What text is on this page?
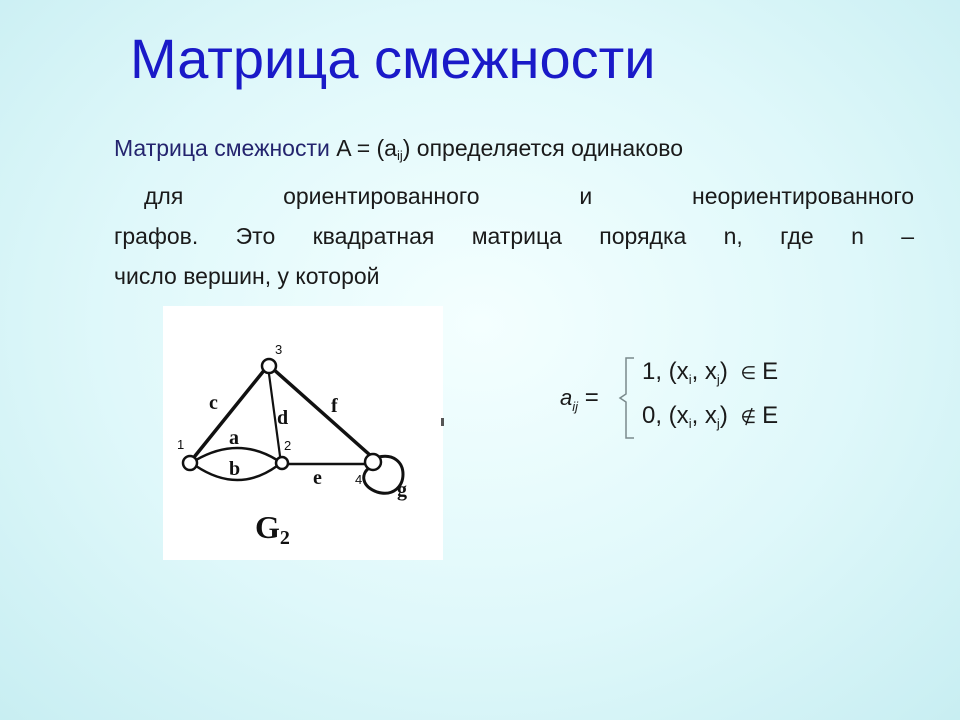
Матрица смежности
Матрица смежности $A = (a_{ij})$ определяется одинаково
для ориентированного и неориентированного
графов. Это квадратная матрица порядка n, где n –
число вершин, у которой
1	2
3
4
a
b
c
d
e
f
g
G2
$a_{ij}$ =
1, ($x_i$, $x_j$) ∈ E
0, ($x_i$, $x_j$) ∉ E
